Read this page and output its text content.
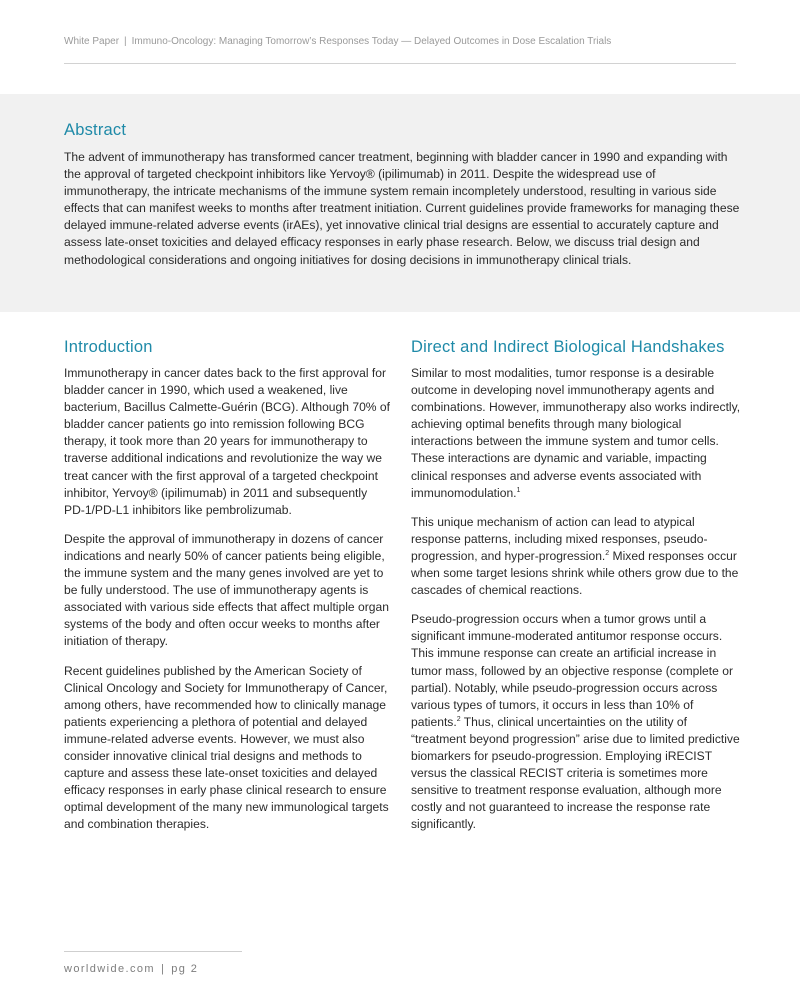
White Paper | Immuno-Oncology: Managing Tomorrow’s Responses Today — Delayed Outcomes in Dose Escalation Trials
Abstract

The advent of immunotherapy has transformed cancer treatment, beginning with bladder cancer in 1990 and expanding with the approval of targeted checkpoint inhibitors like Yervoy® (ipilimumab) in 2011. Despite the widespread use of immunotherapy, the intricate mechanisms of the immune system remain incompletely understood, resulting in various side effects that can manifest weeks to months after treatment initiation. Current guidelines provide frameworks for managing these delayed immune-related adverse events (irAEs), yet innovative clinical trial designs are essential to accurately capture and assess late-onset toxicities and delayed efficacy responses in early phase research. Below, we discuss trial design and methodological considerations and ongoing initiatives for dosing decisions in immunotherapy clinical trials.

Introduction

Immunotherapy in cancer dates back to the first approval for bladder cancer in 1990, which used a weakened, live bacterium, Bacillus Calmette-Guérin (BCG). Although 70% of bladder cancer patients go into remission following BCG therapy, it took more than 20 years for immunotherapy to traverse additional indications and revolutionize the way we treat cancer with the first approval of a targeted checkpoint inhibitor, Yervoy® (ipilimumab) in 2011 and subsequently PD-1/PD-L1 inhibitors like pembrolizumab.

Despite the approval of immunotherapy in dozens of cancer indications and nearly 50% of cancer patients being eligible, the immune system and the many genes involved are yet to be fully understood. The use of immunotherapy agents is associated with various side effects that affect multiple organ systems of the body and often occur weeks to months after initiation of therapy.

Recent guidelines published by the American Society of Clinical Oncology and Society for Immunotherapy of Cancer, among others, have recommended how to clinically manage patients experiencing a plethora of potential and delayed immune-related adverse events. However, we must also consider innovative clinical trial designs and methods to capture and assess these late-onset toxicities and delayed efficacy responses in early phase clinical research to ensure optimal development of the many new immunological targets and combination therapies.

Direct and Indirect Biological Handshakes

Similar to most modalities, tumor response is a desirable outcome in developing novel immunotherapy agents and combinations. However, immunotherapy also works indirectly, achieving optimal benefits through many biological interactions between the immune system and tumor cells. These interactions are dynamic and variable, impacting clinical responses and adverse events associated with immunomodulation.$^1$

This unique mechanism of action can lead to atypical response patterns, including mixed responses, pseudo-progression, and hyper-progression.$^2$ Mixed responses occur when some target lesions shrink while others grow due to the cascades of chemical reactions.

Pseudo-progression occurs when a tumor grows until a significant immune-moderated antitumor response occurs. This immune response can create an artificial increase in tumor mass, followed by an objective response (complete or partial). Notably, while pseudo-progression occurs across various types of tumors, it occurs in less than 10% of patients.$^2$ Thus, clinical uncertainties on the utility of “treatment beyond progression” arise due to limited predictive biomarkers for pseudo-progression. Employing iRECIST versus the classical RECIST criteria is sometimes more sensitive to treatment response evaluation, although more costly and not guaranteed to increase the response rate significantly.

worldwide.com | pg 2
